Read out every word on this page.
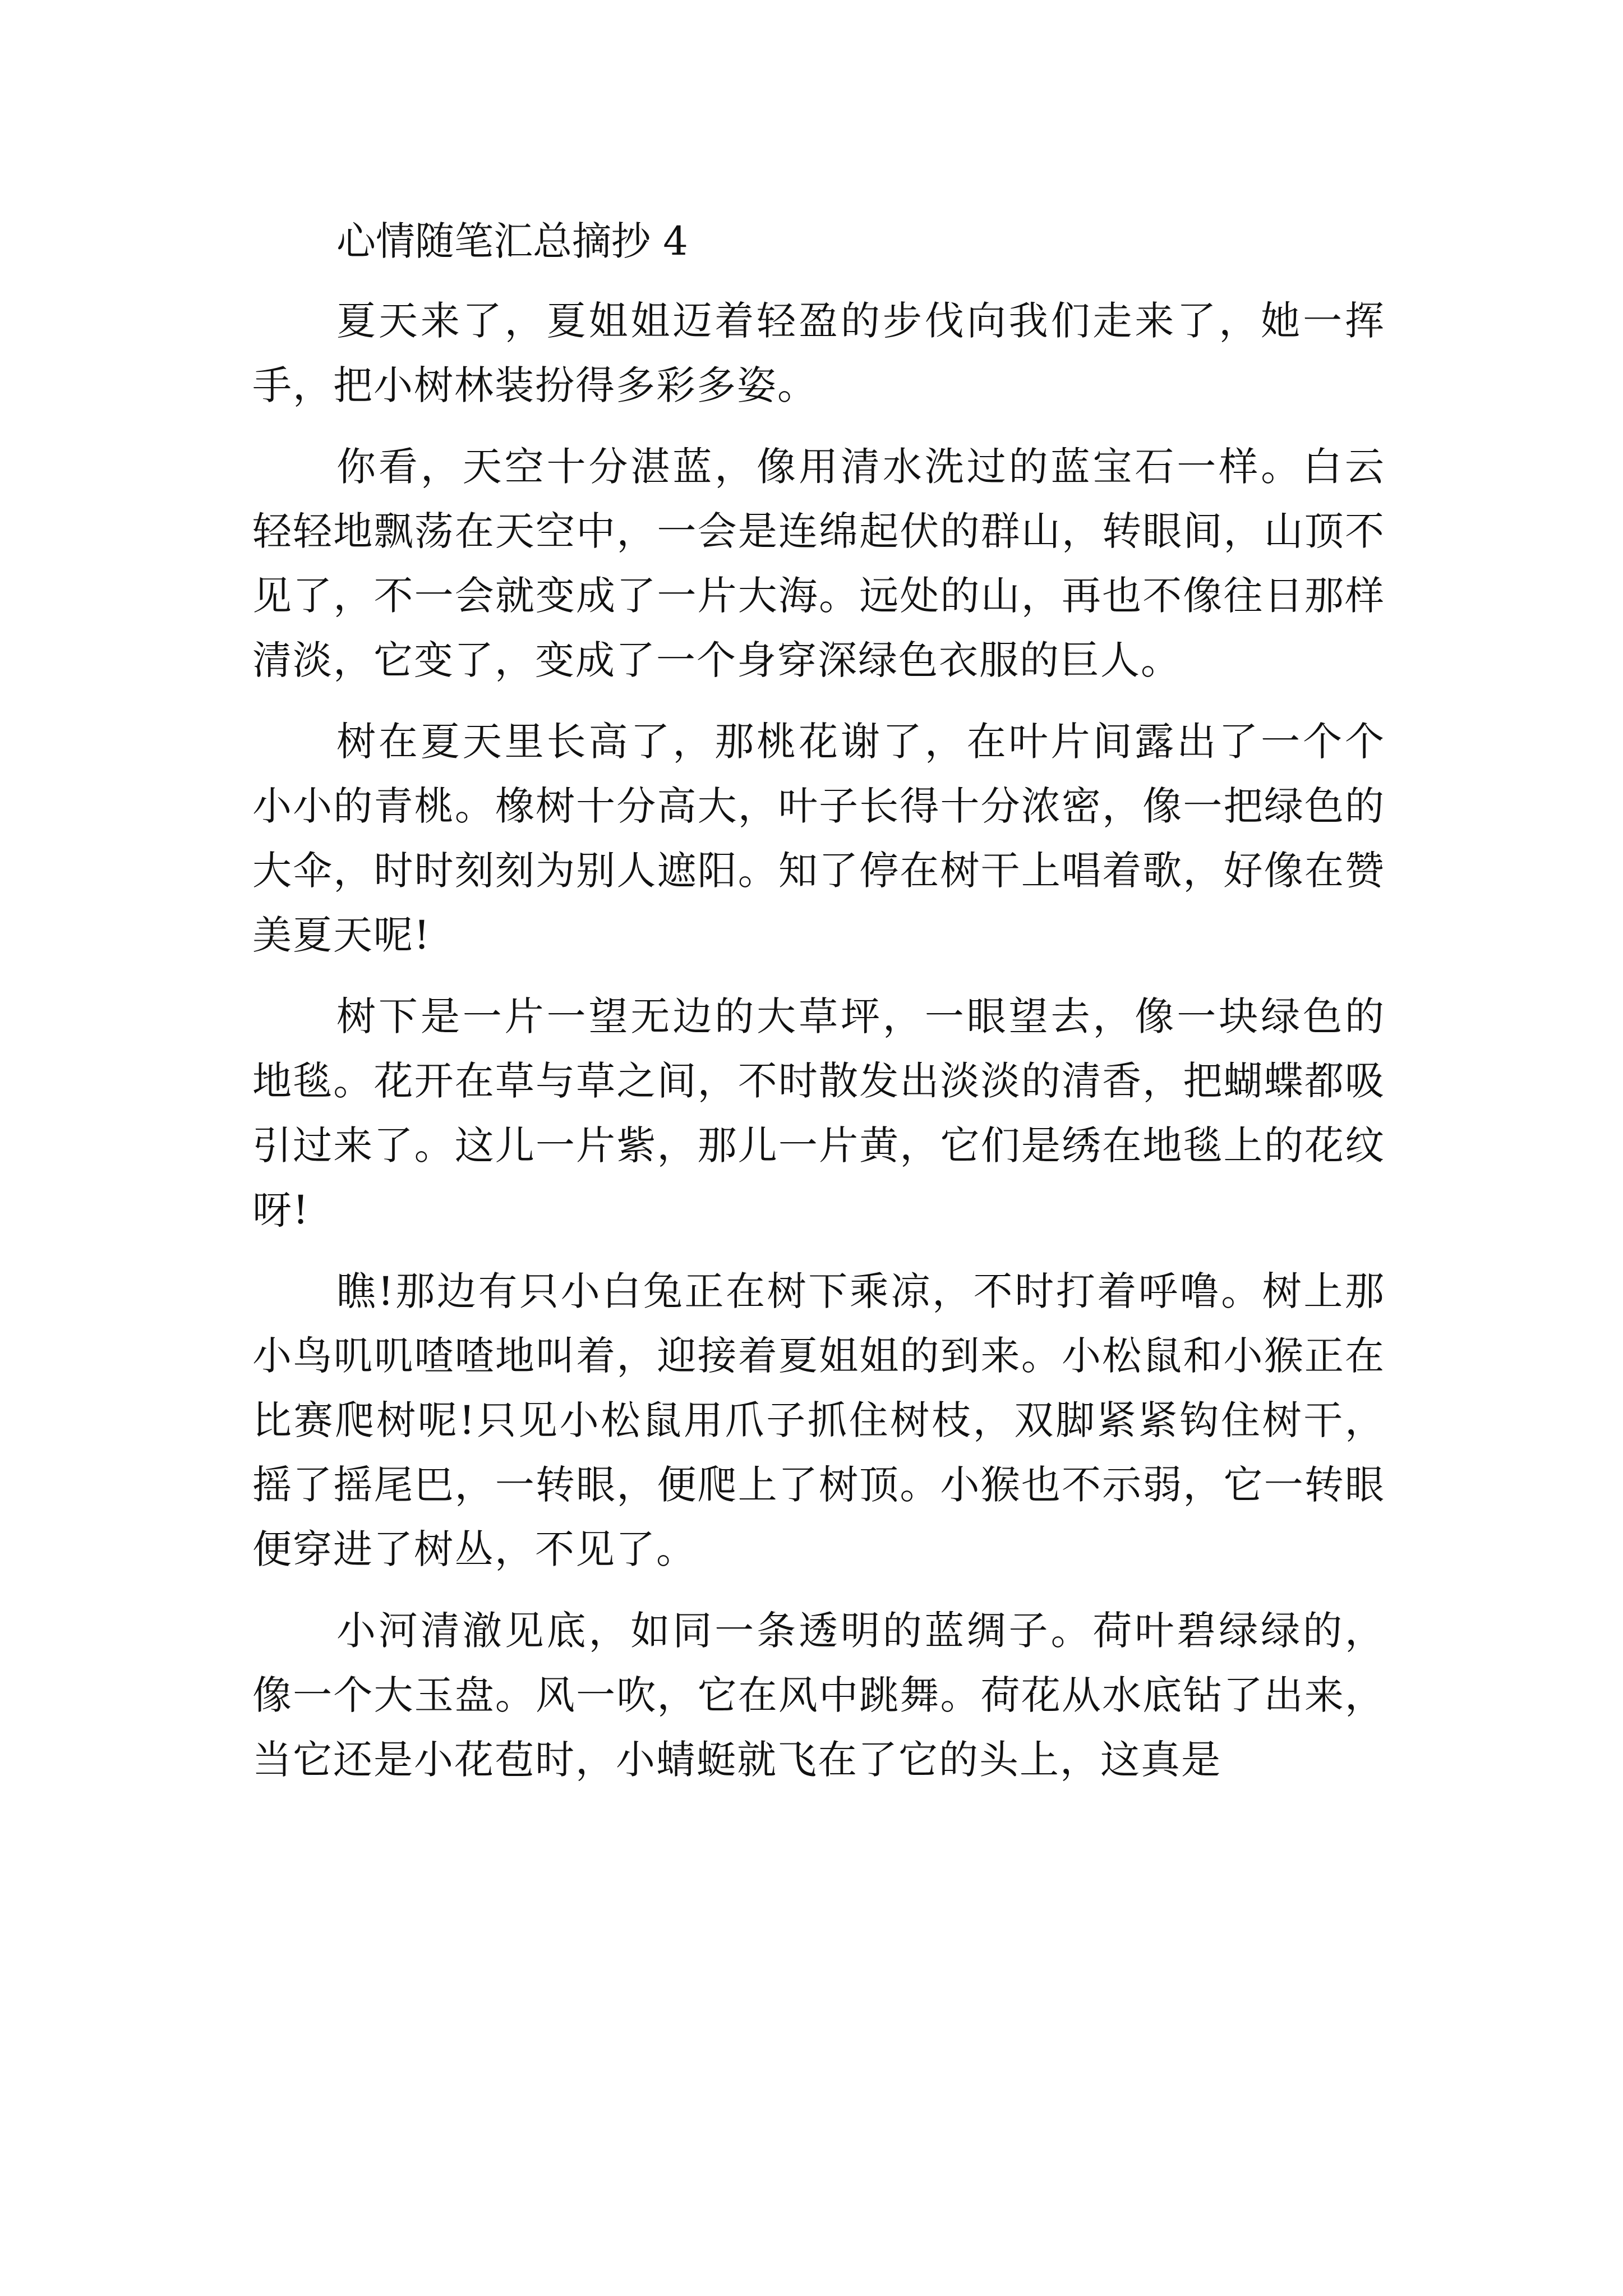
心情随笔汇总摘抄 4

夏天来了，夏姐姐迈着轻盈的步伐向我们走来了，她一挥手，把小树林装扮得多彩多姿。

你看，天空十分湛蓝，像用清水洗过的蓝宝石一样。白云轻轻地飘荡在天空中，一会是连绵起伏的群山，转眼间，山顶不见了，不一会就变成了一片大海。远处的山，再也不像往日那样清淡，它变了，变成了一个身穿深绿色衣服的巨人。

树在夏天里长高了，那桃花谢了，在叶片间露出了一个个小小的青桃。橡树十分高大，叶子长得十分浓密，像一把绿色的大伞，时时刻刻为别人遮阳。知了停在树干上唱着歌，好像在赞美夏天呢!

树下是一片一望无边的大草坪，一眼望去，像一块绿色的地毯。花开在草与草之间，不时散发出淡淡的清香，把蝴蝶都吸引过来了。这儿一片紫，那儿一片黄，它们是绣在地毯上的花纹呀!

瞧!那边有只小白兔正在树下乘凉，不时打着呼噜。树上那小鸟叽叽喳喳地叫着，迎接着夏姐姐的到来。小松鼠和小猴正在比赛爬树呢!只见小松鼠用爪子抓住树枝，双脚紧紧钩住树干，摇了摇尾巴，一转眼，便爬上了树顶。小猴也不示弱，它一转眼便穿进了树丛，不见了。

小河清澈见底，如同一条透明的蓝绸子。荷叶碧绿绿的，像一个大玉盘。风一吹，它在风中跳舞。荷花从水底钻了出来，当它还是小花苞时，小蜻蜓就飞在了它的头上，这真是
